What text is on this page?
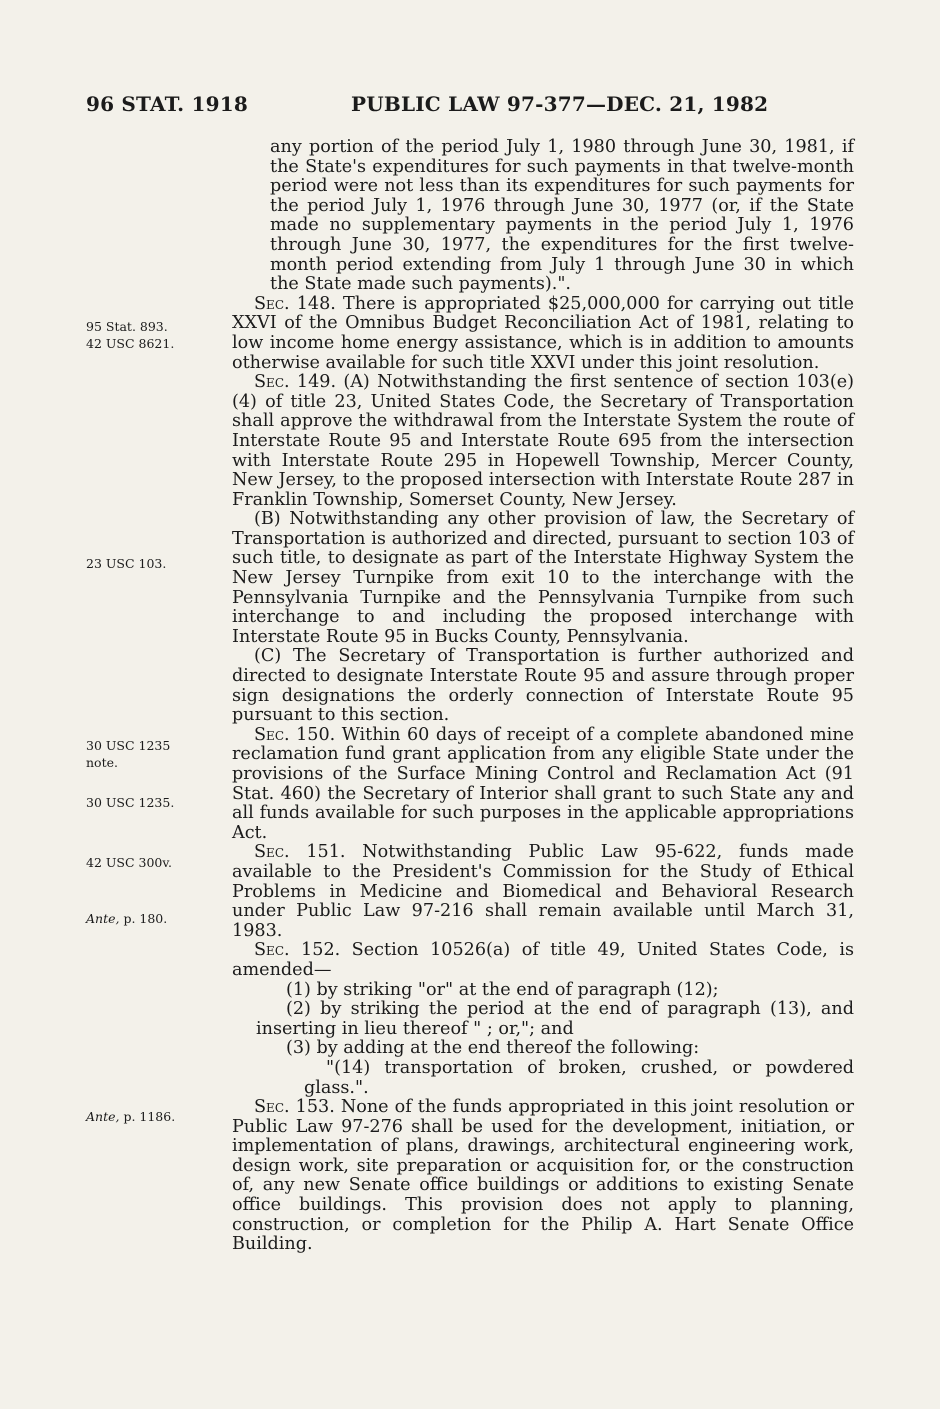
96 STAT. 1918	PUBLIC LAW 97-377—DEC. 21, 1982
95 Stat. 893.
42 USC 8621.
23 USC 103.
30 USC 1235
note.
30 USC 1235.
42 USC 300v.
Ante, p. 180.
Ante, p. 1186.

any portion of the period July 1, 1980 through June 30, 1981, if the State's expenditures for such payments in that twelve-month period were not less than its expenditures for such payments for the period July 1, 1976 through June 30, 1977 (or, if the State made no supplementary payments in the period July 1, 1976 through June 30, 1977, the expenditures for the first twelve-month period extending from July 1 through June 30 in which the State made such payments).".

Sec. 148. There is appropriated $25,000,000 for carrying out title XXVI of the Omnibus Budget Reconciliation Act of 1981, relating to low income home energy assistance, which is in addition to amounts otherwise available for such title XXVI under this joint resolution.

Sec. 149. (A) Notwithstanding the first sentence of section 103(e)(4) of title 23, United States Code, the Secretary of Transportation shall approve the withdrawal from the Interstate System the route of Interstate Route 95 and Interstate Route 695 from the intersection with Interstate Route 295 in Hopewell Township, Mercer County, New Jersey, to the proposed intersection with Interstate Route 287 in Franklin Township, Somerset County, New Jersey.

(B) Notwithstanding any other provision of law, the Secretary of Transportation is authorized and directed, pursuant to section 103 of such title, to designate as part of the Interstate Highway System the New Jersey Turnpike from exit 10 to the interchange with the Pennsylvania Turnpike and the Pennsylvania Turnpike from such interchange to and including the proposed interchange with Interstate Route 95 in Bucks County, Pennsylvania.

(C) The Secretary of Transportation is further authorized and directed to designate Interstate Route 95 and assure through proper sign designations the orderly connection of Interstate Route 95 pursuant to this section.

Sec. 150. Within 60 days of receipt of a complete abandoned mine reclamation fund grant application from any eligible State under the provisions of the Surface Mining Control and Reclamation Act (91 Stat. 460) the Secretary of Interior shall grant to such State any and all funds available for such purposes in the applicable appropriations Act.

Sec. 151. Notwithstanding Public Law 95-622, funds made available to the President's Commission for the Study of Ethical Problems in Medicine and Biomedical and Behavioral Research under Public Law 97-216 shall remain available until March 31, 1983.

Sec. 152. Section 10526(a) of title 49, United States Code, is amended—

(1) by striking "or" at the end of paragraph (12);

(2) by striking the period at the end of paragraph (13), and inserting in lieu thereof " ; or,"; and

(3) by adding at the end thereof the following:

"(14) transportation of broken, crushed, or powdered glass.".

Sec. 153. None of the funds appropriated in this joint resolution or Public Law 97-276 shall be used for the development, initiation, or implementation of plans, drawings, architectural engineering work, design work, site preparation or acquisition for, or the construction of, any new Senate office buildings or additions to existing Senate office buildings. This provision does not apply to planning, construction, or completion for the Philip A. Hart Senate Office Building.
